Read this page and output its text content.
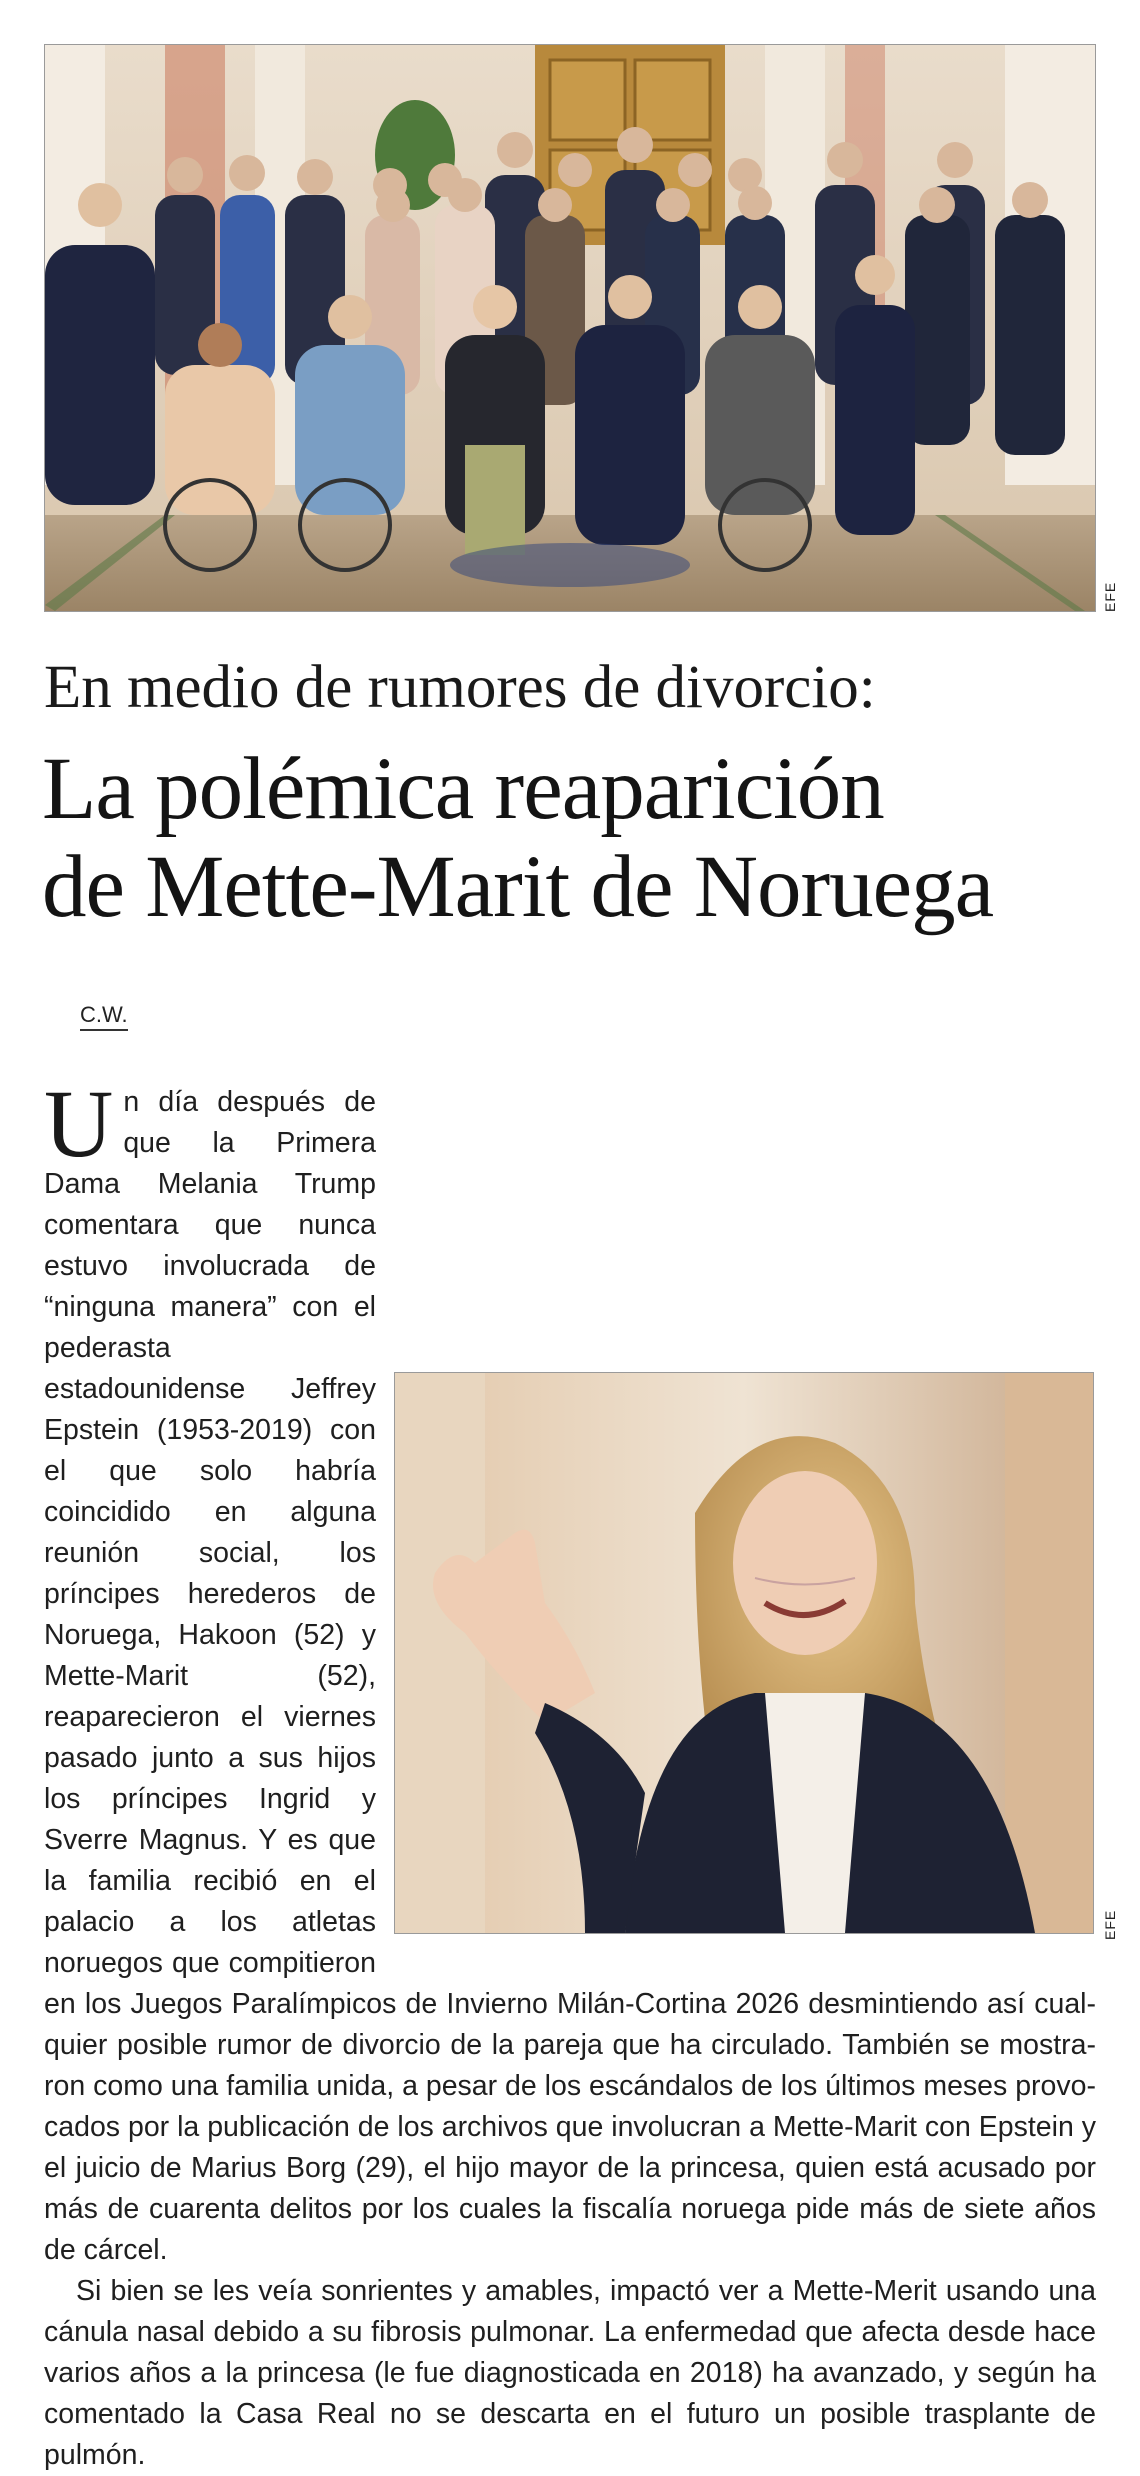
EFE
En medio de rumores de divorcio:
La polémica reaparición
de Mette-Marit de Noruega
C.W.

Un día después de que la Primera Dama Melania Trump comentara que nunca estuvo involucrada de “ninguna manera” con el pederasta estadounidense Jeffrey Epstein (1953-2019) con el que solo habría coincidido en alguna reunión social, los príncipes herederos de Noruega, Hakoon (52) y Mette-Marit (52), reaparecieron el viernes pasado junto a sus hijos los príncipes Ingrid y Sverre Magnus. Y es que la familia recibió en el palacio a los atletas noruegos que compitieron en los Juegos Paralímpicos de Invierno Milán-Cortina 2026 desmintiendo así cualquier posible rumor de divorcio de la pareja que ha circulado. También se mostraron como una familia unida, a pesar de los escándalos de los últimos meses provocados por la publicación de los archivos que involucran a Mette-Marit con Epstein y el juicio de Marius Borg (29), el hijo mayor de la princesa, quien está acusado por más de cuarenta delitos por los cuales la fiscalía noruega pide más de siete años de cárcel.

Si bien se les veía sonrientes y amables, impactó ver a Mette-Merit usando una cánula nasal debido a su fibrosis pulmonar. La enfermedad que afecta desde hace varios años a la princesa (le fue diagnosticada en 2018) ha avanzado, y según ha comentado la Casa Real no se descarta en el futuro un posible trasplante de pulmón.

EFE
